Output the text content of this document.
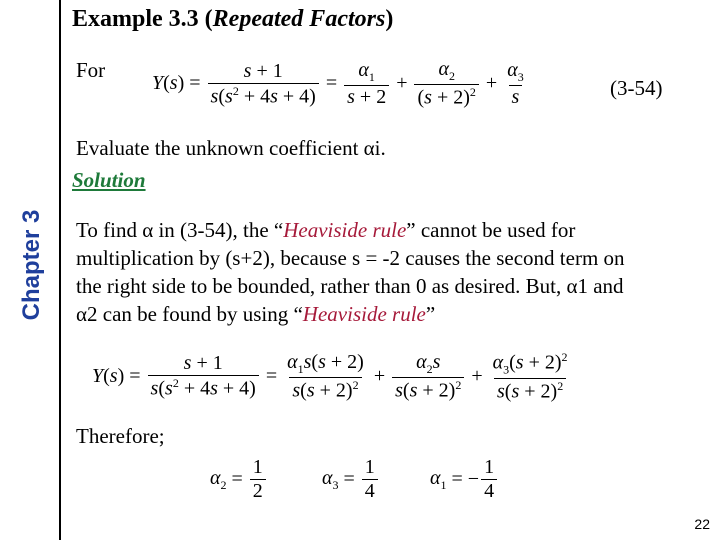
Chapter 3
Example 3.3 (Repeated Factors)
For
$Y(s) = \frac{s + 1}{s(s^2 + 4s + 4)} = \frac{\alpha_1}{s + 2} + \frac{\alpha_2}{(s + 2)^2} + \frac{\alpha_3}{s}$	(3-54)
Evaluate the unknown coefficient αi.
Solution
To find α in (3-54), the “Heaviside rule” cannot be used for
multiplication by (s+2), because s = -2 causes the second term on
the right side to be bounded, rather than 0 as desired. But, α1 and
α2 can be found by using “Heaviside rule”
$Y(s) = \frac{s + 1}{s(s^2 + 4s + 4)} = \frac{\alpha_1s(s + 2)}{s(s + 2)^2} + \frac{\alpha_2s}{s(s + 2)^2} + \frac{\alpha_3(s + 2)^2}{s(s + 2)^2}$
Therefore;
$\alpha_2 = \frac{1}{2}$	$\alpha_3 = \frac{1}{4}$	$\alpha_1$ = − $\frac{1}{4}$
22
